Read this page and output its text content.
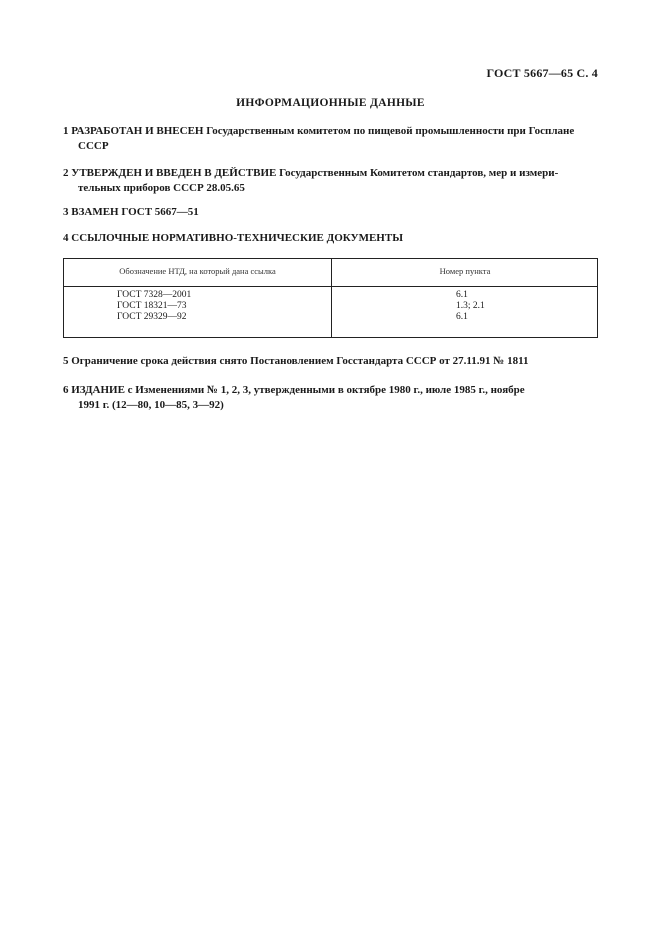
ГОСТ 5667—65 С. 4
ИНФОРМАЦИОННЫЕ ДАННЫЕ
1 РАЗРАБОТАН И ВНЕСЕН Государственным комитетом по пищевой промышленности при Госплане
СССР
2 УТВЕРЖДЕН И ВВЕДЕН В ДЕЙСТВИЕ Государственным Комитетом стандартов, мер и измери-
тельных приборов СССР 28.05.65
3 ВЗАМЕН ГОСТ 5667—51
4 ССЫЛОЧНЫЕ НОРМАТИВНО-ТЕХНИЧЕСКИЕ ДОКУМЕНТЫ
Обозначение НТД, на который дана ссылка	Номер пункта
ГОСТ 7328—2001	6.1
ГОСТ 18321—73	1.3; 2.1
ГОСТ 29329—92	6.1
5 Ограничение срока действия снято Постановлением Госстандарта СССР от 27.11.91 № 1811
6 ИЗДАНИЕ с Изменениями № 1, 2, 3, утвержденными в октябре 1980 г., июле 1985 г., ноябре
1991 г. (12—80, 10—85, 3—92)
